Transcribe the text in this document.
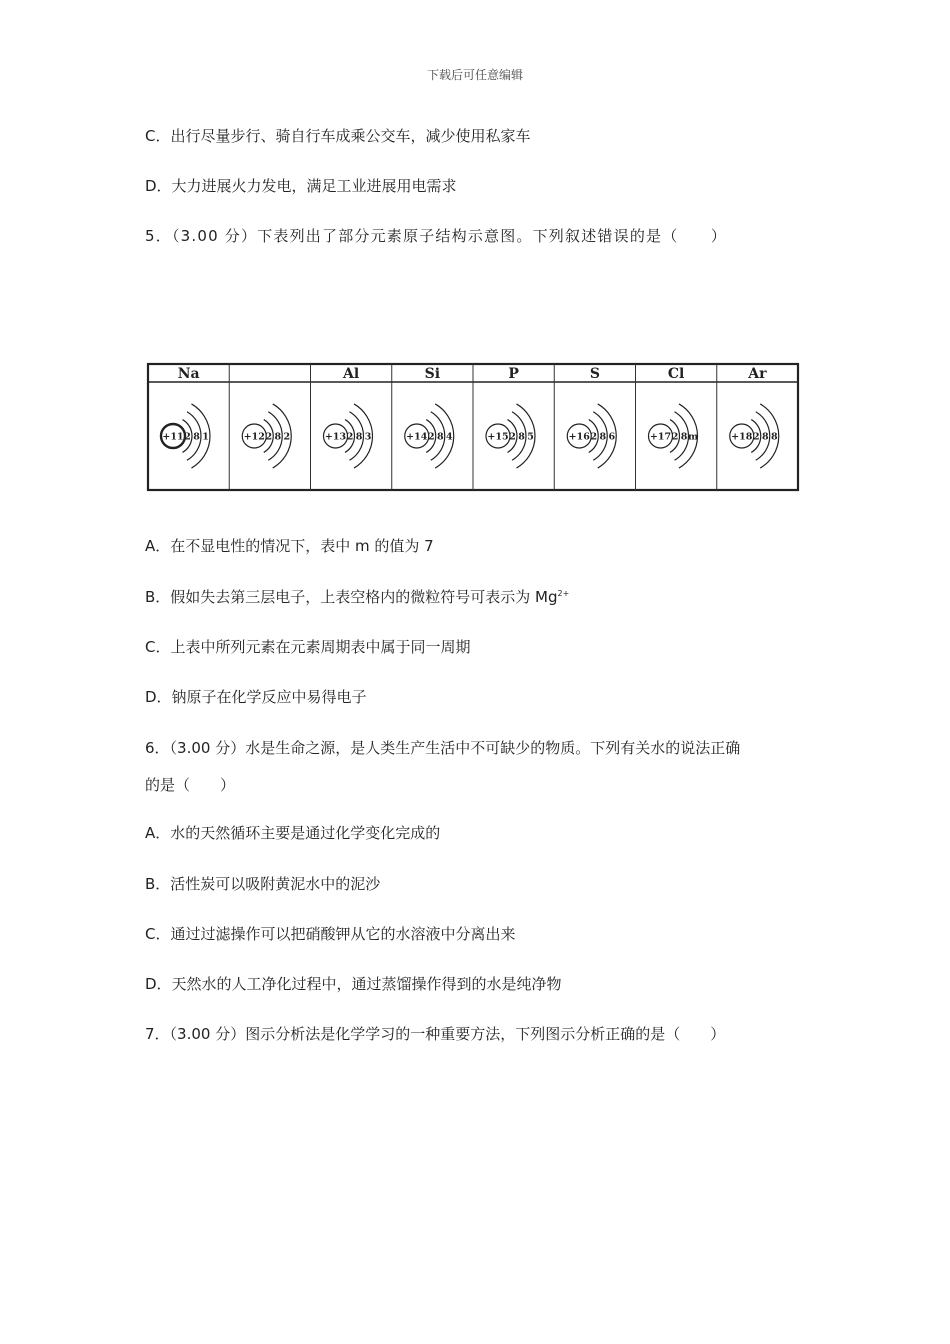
下载后可任意编辑
C．出行尽量步行、骑自行车成乘公交车，减少使用私家车
D．大力进展火力发电，满足工业进展用电需求
5．（3.00 分）下表列出了部分元素原子结构示意图。下列叙述错误的是（　　）
Na
+11 2 8 1	+12 2 8 2
Al
+13 2 8 3
Si
+14 2 8 4
P
+15 2 8 5
S
+16 2 8 6
Cl
+17 2 8 m
Ar
+18 2 8 8
A．在不显电性的情况下，表中 m 的值为 7
B．假如失去第三层电子，上表空格内的微粒符号可表示为 $Mg^{2+}$
C．上表中所列元素在元素周期表中属于同一周期
D．钠原子在化学反应中易得电子
6．（3.00 分）水是生命之源，是人类生产生活中不可缺少的物质。下列有关水的说法正确
的是（　　）
A．水的天然循环主要是通过化学变化完成的
B．活性炭可以吸附黄泥水中的泥沙
C．通过过滤操作可以把硝酸钾从它的水溶液中分离出来
D．天然水的人工净化过程中，通过蒸馏操作得到的水是纯净物
7．（3.00 分）图示分析法是化学学习的一种重要方法，下列图示分析正确的是（　　）
